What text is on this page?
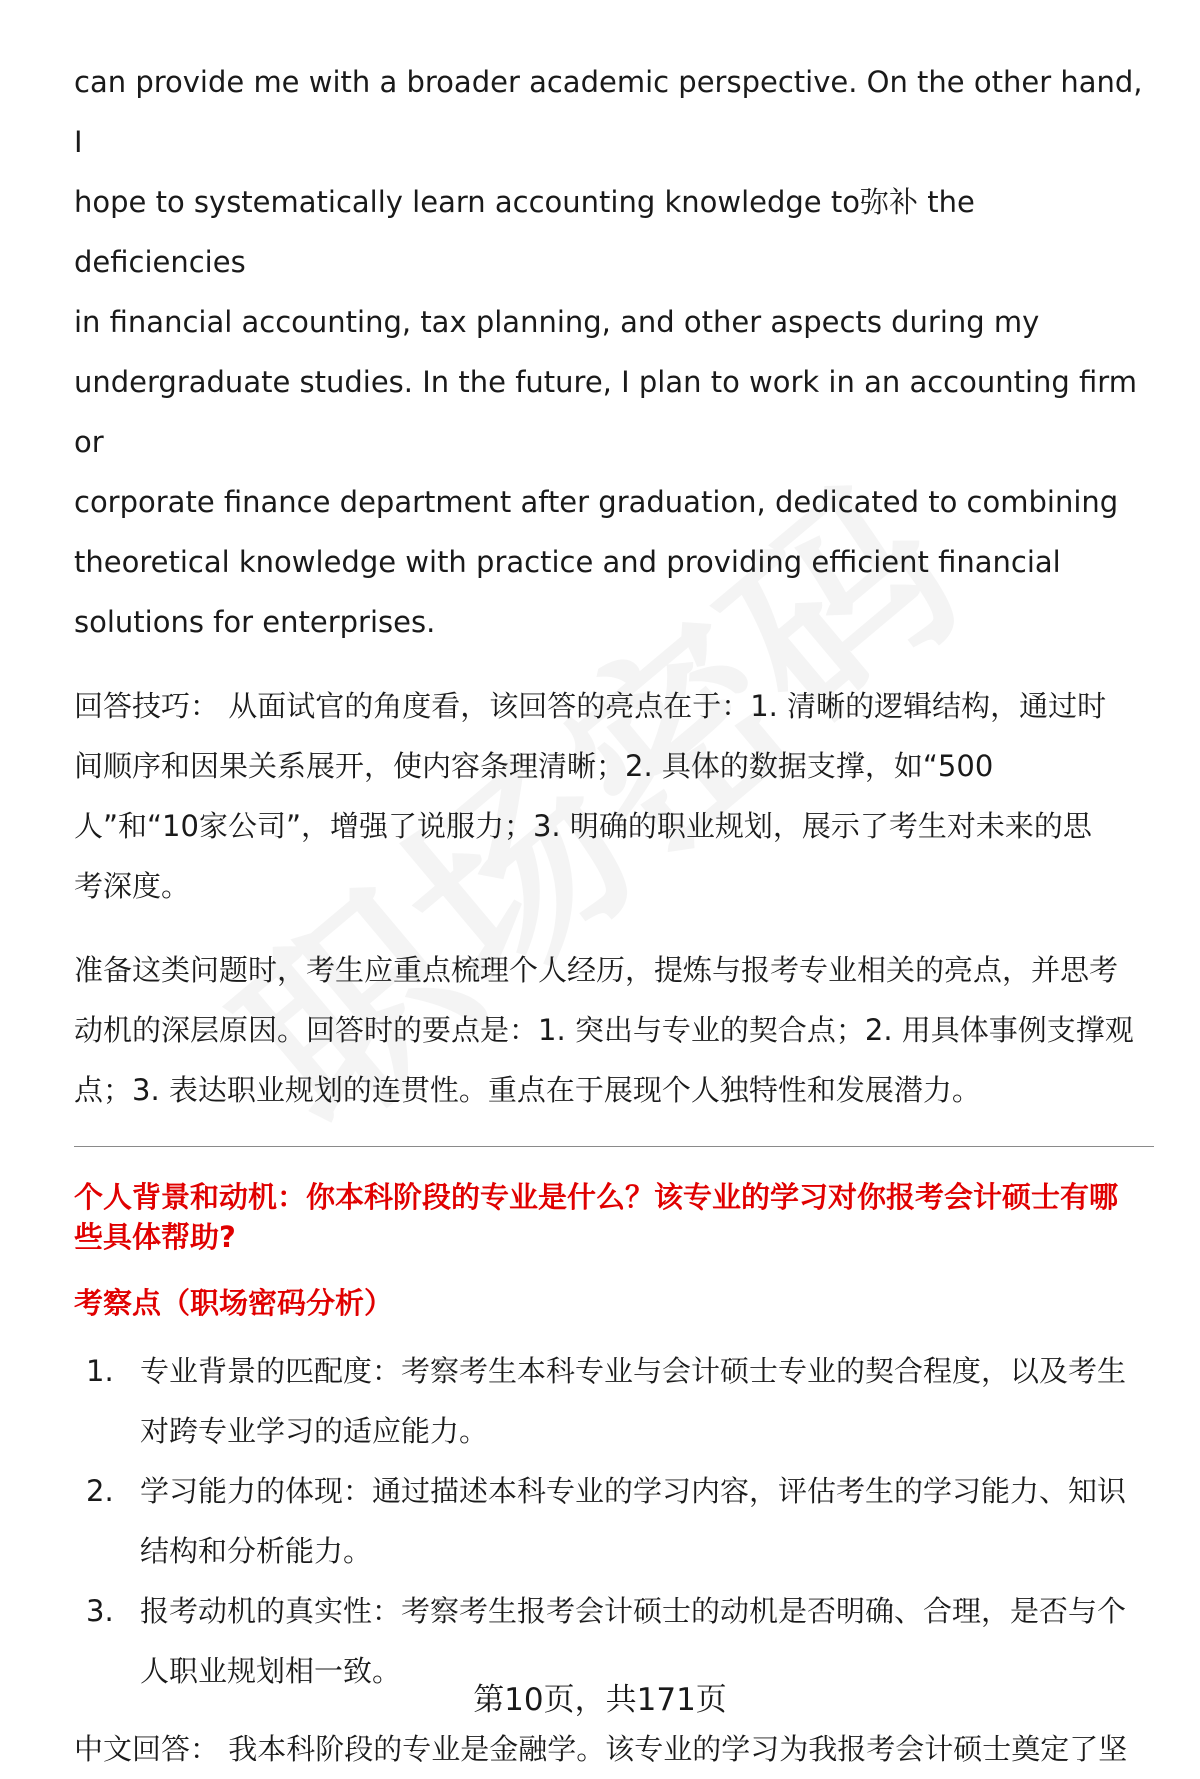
can provide me with a broader academic perspective. On the other hand, I

hope to systematically learn accounting knowledge to弥补 the deficiencies

in financial accounting, tax planning, and other aspects during my

undergraduate studies. In the future, I plan to work in an accounting firm or

corporate finance department after graduation, dedicated to combining

theoretical knowledge with practice and providing efficient financial

solutions for enterprises.

回答技巧： 从面试官的角度看，该回答的亮点在于：1. 清晰的逻辑结构，通过时

间顺序和因果关系展开，使内容条理清晰；2. 具体的数据支撑，如“500

人”和“10家公司”，增强了说服力；3. 明确的职业规划，展示了考生对未来的思

考深度。

准备这类问题时，考生应重点梳理个人经历，提炼与报考专业相关的亮点，并思考

动机的深层原因。回答时的要点是：1. 突出与专业的契合点；2. 用具体事例支撑观

点；3. 表达职业规划的连贯性。重点在于展现个人独特性和发展潜力。

个人背景和动机：你本科阶段的专业是什么？该专业的学习对你报考会计硕士有哪
些具体帮助?
考察点（职场密码分析）
1. 专业背景的匹配度：考察考生本科专业与会计硕士专业的契合程度，以及考生
对跨专业学习的适应能力。
2. 学习能力的体现：通过描述本科专业的学习内容，评估考生的学习能力、知识
结构和分析能力。
3. 报考动机的真实性：考察考生报考会计硕士的动机是否明确、合理，是否与个
人职业规划相一致。

中文回答： 我本科阶段的专业是金融学。该专业的学习为我报考会计硕士奠定了坚

第10页，共171页
